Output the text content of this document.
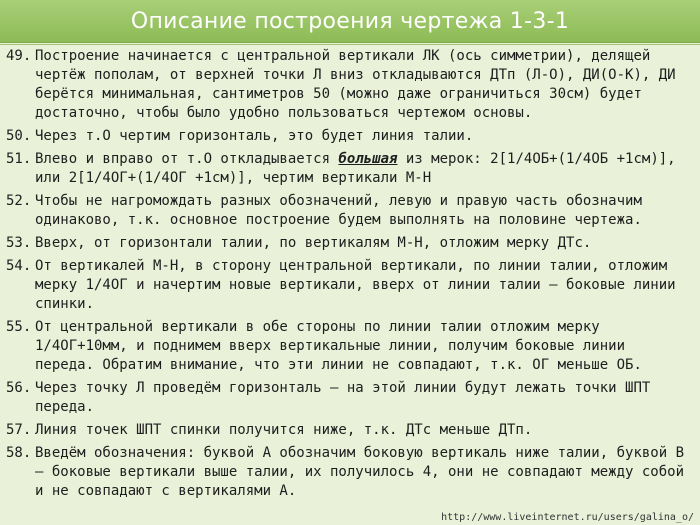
Описание построения чертежа 1-3-1
49. Построение начинается с центральной вертикали ЛК (ось симметрии), делящей чертёж пополам, от верхней точки Л вниз откладываются ДТп (Л-О), ДИ(О-К), ДИ берётся минимальная, сантиметров 50 (можно даже ограничиться 30см) будет достаточно, чтобы было удобно пользоваться чертежом основы.
50. Через т.О чертим горизонталь, это будет линия талии.
51. Влево и вправо от т.О откладывается большая из мерок: 2[1/4ОБ+(1/4ОБ +1см)], или 2[1/4ОГ+(1/4ОГ +1см)], чертим вертикали М-Н
52. Чтобы не нагромождать разных обозначений, левую и правую часть обозначим одинаково, т.к. основное построение будем выполнять на половине чертежа.
53. Вверх, от горизонтали талии, по вертикалям М-Н, отложим мерку ДТс.
54. От вертикалей М-Н, в сторону центральной вертикали, по линии талии, отложим мерку 1/4ОГ и начертим новые вертикали, вверх от линии талии – боковые линии спинки.
55. От центральной вертикали в обе стороны по линии талии отложим мерку 1/4ОГ+10мм, и поднимем вверх вертикальные линии, получим боковые линии переда. Обратим внимание, что эти линии не совпадают, т.к. ОГ меньше ОБ.
56. Через точку Л проведём горизонталь – на этой линии будут лежать точки ШПТ переда.
57. Линия точек ШПТ спинки получится ниже, т.к. ДТс меньше ДТп.
58. Введём обозначения: буквой А обозначим боковую вертикаль ниже талии, буквой В – боковые вертикали выше талии, их получилось 4, они не совпадают между собой и не совпадают с вертикалями А.
http://www.liveinternet.ru/users/galina_o/
